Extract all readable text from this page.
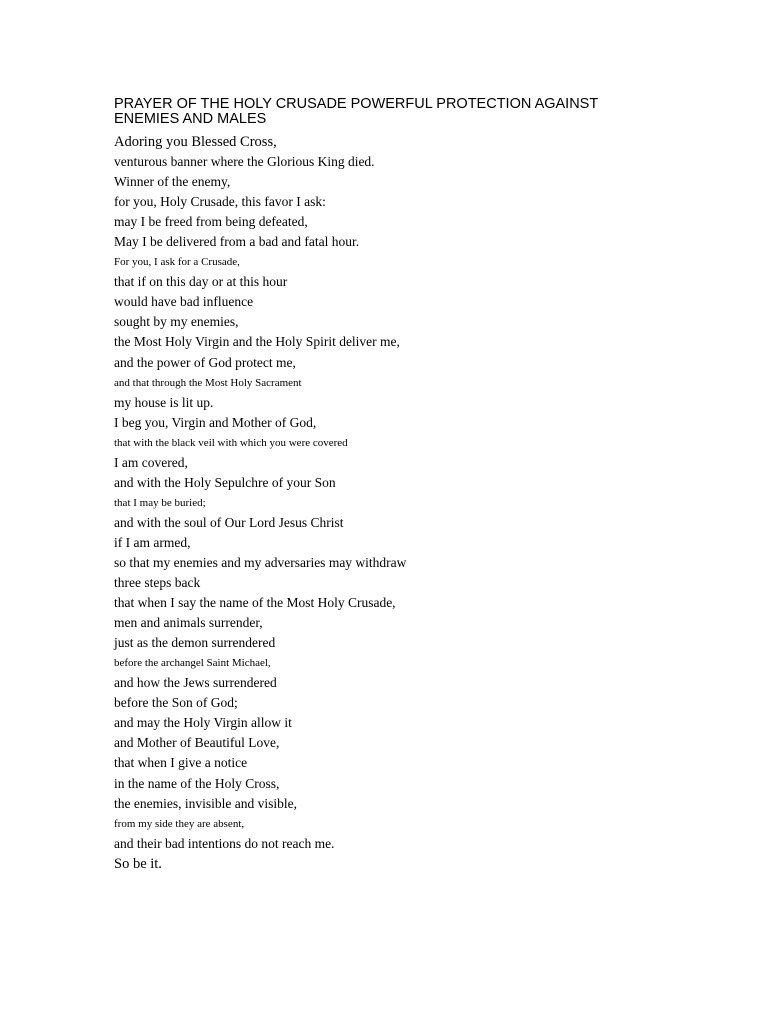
PRAYER OF THE HOLY CRUSADE POWERFUL PROTECTION AGAINST ENEMIES AND MALES
Adoring you Blessed Cross,
venturous banner where the Glorious King died.
Winner of the enemy,
for you, Holy Crusade, this favor I ask:
may I be freed from being defeated,
May I be delivered from a bad and fatal hour.
For you, I ask for a Crusade,
that if on this day or at this hour
would have bad influence
sought by my enemies,
the Most Holy Virgin and the Holy Spirit deliver me,
and the power of God protect me,
and that through the Most Holy Sacrament
my house is lit up.
I beg you, Virgin and Mother of God,
that with the black veil with which you were covered
I am covered,
and with the Holy Sepulchre of your Son
that I may be buried;
and with the soul of Our Lord Jesus Christ
if I am armed,
so that my enemies and my adversaries may withdraw
three steps back
that when I say the name of the Most Holy Crusade,
men and animals surrender,
just as the demon surrendered
before the archangel Saint Michael,
and how the Jews surrendered
before the Son of God;
and may the Holy Virgin allow it
and Mother of Beautiful Love,
that when I give a notice
in the name of the Holy Cross,
the enemies, invisible and visible,
from my side they are absent,
and their bad intentions do not reach me.
So be it.
